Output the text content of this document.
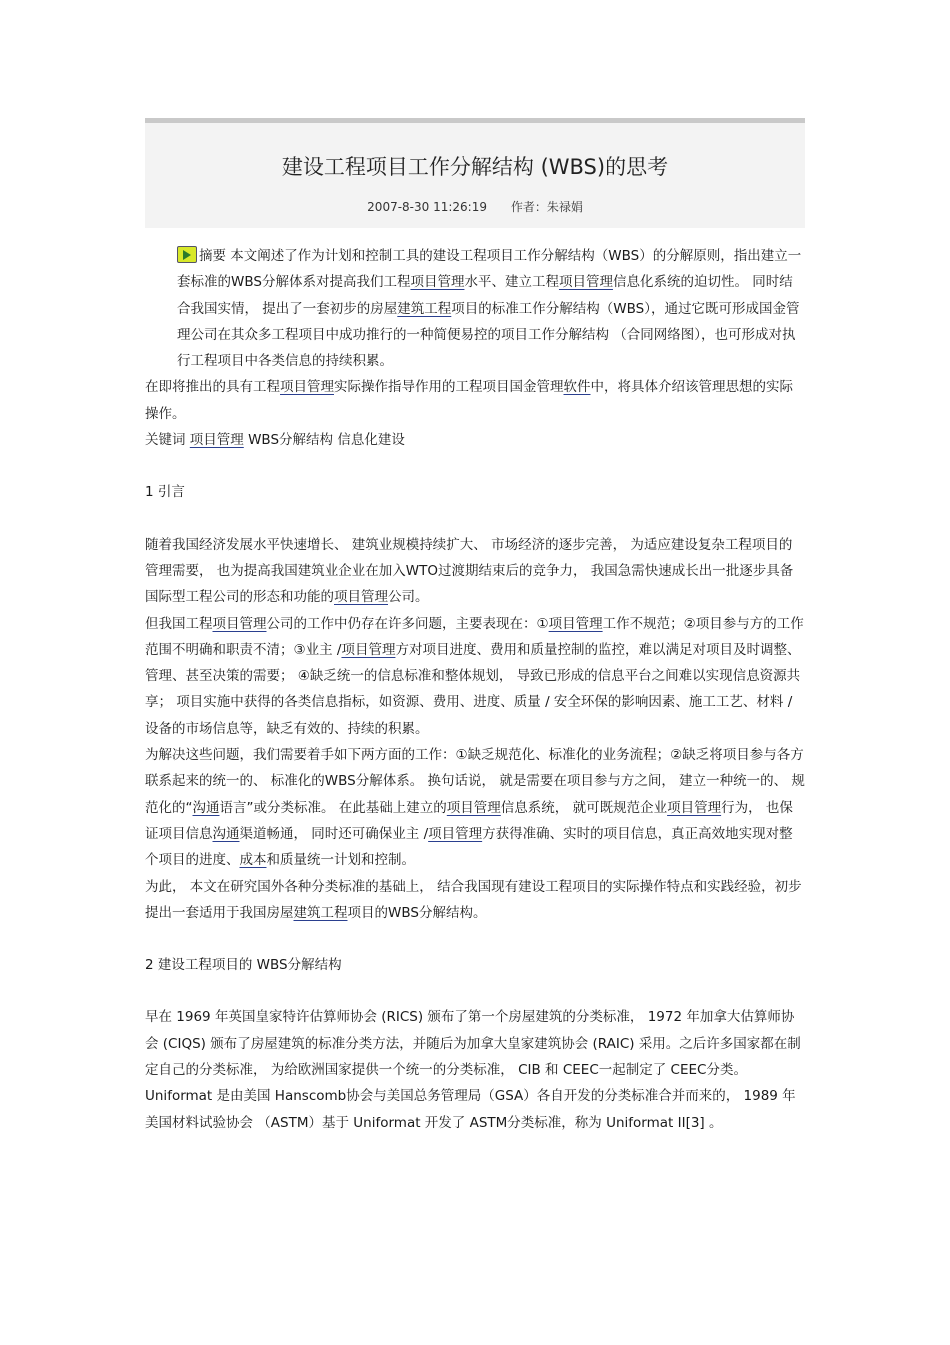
建设工程项目工作分解结构 (WBS)的思考
2007-8-30 11:26:19 作者：朱禄娟

摘要 本文阐述了作为计划和控制工具的建设工程项目工作分解结构（WBS）的分解原则，指出建立一套标准的WBS分解体系对提高我们工程项目管理水平、建立工程项目管理信息化系统的迫切性。 同时结合我国实情， 提出了一套初步的房屋建筑工程项目的标准工作分解结构（WBS），通过它既可形成国金管理公司在其众多工程项目中成功推行的一种简便易控的项目工作分解结构 （合同网络图），也可形成对执行工程项目中各类信息的持续积累。

在即将推出的具有工程项目管理实际操作指导作用的工程项目国金管理软件中，将具体介绍该管理思想的实际操作。

关键词 项目管理 WBS分解结构 信息化建设

1 引言

随着我国经济发展水平快速增长、 建筑业规模持续扩大、 市场经济的逐步完善， 为适应建设复杂工程项目的管理需要， 也为提高我国建筑业企业在加入WTO过渡期结束后的竞争力， 我国急需快速成长出一批逐步具备国际型工程公司的形态和功能的项目管理公司。

但我国工程项目管理公司的工作中仍存在许多问题，主要表现在：①项目管理工作不规范；②项目参与方的工作范围不明确和职责不清；③业主 /项目管理方对项目进度、费用和质量控制的监控，难以满足对项目及时调整、 管理、甚至决策的需要； ④缺乏统一的信息标准和整体规划， 导致已形成的信息平台之间难以实现信息资源共享； 项目实施中获得的各类信息指标，如资源、费用、进度、质量 / 安全环保的影响因素、施工工艺、材料 / 设备的市场信息等，缺乏有效的、持续的积累。

为解决这些问题，我们需要着手如下两方面的工作：①缺乏规范化、标准化的业务流程；②缺乏将项目参与各方联系起来的统一的、 标准化的WBS分解体系。 换句话说， 就是需要在项目参与方之间， 建立一种统一的、 规范化的“沟通语言”或分类标准。 在此基础上建立的项目管理信息系统， 就可既规范企业项目管理行为， 也保证项目信息沟通渠道畅通， 同时还可确保业主 /项目管理方获得准确、实时的项目信息，真正高效地实现对整个项目的进度、成本和质量统一计划和控制。

为此， 本文在研究国外各种分类标准的基础上， 结合我国现有建设工程项目的实际操作特点和实践经验，初步提出一套适用于我国房屋建筑工程项目的WBS分解结构。

2 建设工程项目的 WBS分解结构

早在 1969 年英国皇家特许估算师协会 (RICS) 颁布了第一个房屋建筑的分类标准， 1972 年加拿大估算师协会 (CIQS) 颁布了房屋建筑的标准分类方法，并随后为加拿大皇家建筑协会 (RAIC) 采用。之后许多国家都在制定自己的分类标准， 为给欧洲国家提供一个统一的分类标准， CIB 和 CEEC一起制定了 CEEC分类。Uniformat 是由美国 Hanscomb协会与美国总务管理局（GSA）各自开发的分类标准合并而来的， 1989 年美国材料试验协会 （ASTM）基于 Uniformat 开发了 ASTM分类标准，称为 Uniformat II[3] 。
